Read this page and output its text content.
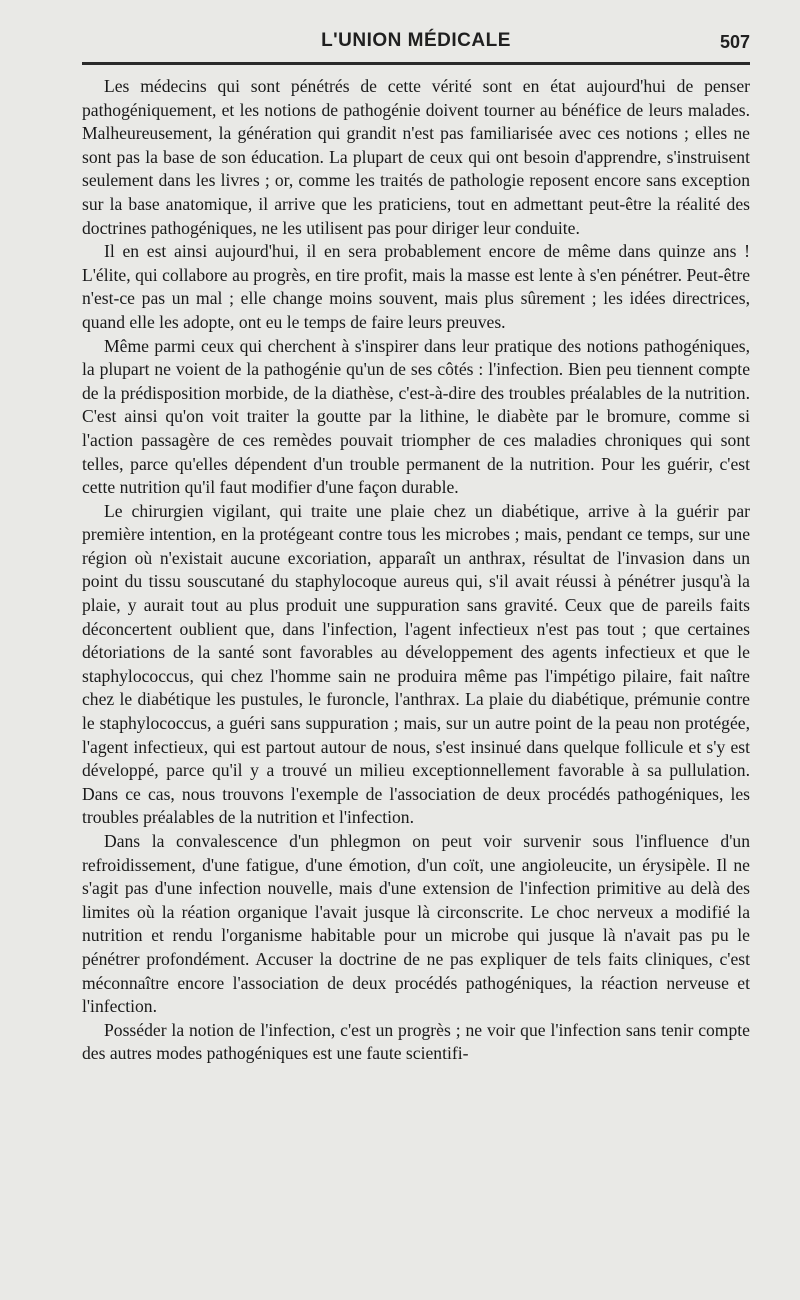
L'UNION MÉDICALE	507

Les médecins qui sont pénétrés de cette vérité sont en état aujourd'hui de penser pathogéniquement, et les notions de pathogénie doivent tourner au bénéfice de leurs malades. Malheureusement, la génération qui grandit n'est pas familiarisée avec ces notions ; elles ne sont pas la base de son éducation. La plupart de ceux qui ont besoin d'apprendre, s'instruisent seulement dans les livres ; or, comme les traités de pathologie reposent encore sans exception sur la base anatomique, il arrive que les praticiens, tout en admettant peut-être la réalité des doctrines pathogéniques, ne les utilisent pas pour diriger leur conduite.

Il en est ainsi aujourd'hui, il en sera probablement encore de même dans quinze ans ! L'élite, qui collabore au progrès, en tire profit, mais la masse est lente à s'en pénétrer. Peut-être n'est-ce pas un mal ; elle change moins souvent, mais plus sûrement ; les idées directrices, quand elle les adopte, ont eu le temps de faire leurs preuves.

Même parmi ceux qui cherchent à s'inspirer dans leur pratique des notions pathogéniques, la plupart ne voient de la pathogénie qu'un de ses côtés : l'infection. Bien peu tiennent compte de la prédisposition morbide, de la diathèse, c'est-à-dire des troubles préalables de la nutrition. C'est ainsi qu'on voit traiter la goutte par la lithine, le diabète par le bromure, comme si l'action passagère de ces remèdes pouvait triompher de ces maladies chroniques qui sont telles, parce qu'elles dépendent d'un trouble permanent de la nutrition. Pour les guérir, c'est cette nutrition qu'il faut modifier d'une façon durable.

Le chirurgien vigilant, qui traite une plaie chez un diabétique, arrive à la guérir par première intention, en la protégeant contre tous les microbes ; mais, pendant ce temps, sur une région où n'existait aucune excoriation, apparaît un anthrax, résultat de l'invasion dans un point du tissu souscutané du staphylocoque aureus qui, s'il avait réussi à pénétrer jusqu'à la plaie, y aurait tout au plus produit une suppuration sans gravité. Ceux que de pareils faits déconcertent oublient que, dans l'infection, l'agent infectieux n'est pas tout ; que certaines détoriations de la santé sont favorables au développement des agents infectieux et que le staphylococcus, qui chez l'homme sain ne produira même pas l'impétigo pilaire, fait naître chez le diabétique les pustules, le furoncle, l'anthrax. La plaie du diabétique, prémunie contre le staphylococcus, a guéri sans suppuration ; mais, sur un autre point de la peau non protégée, l'agent infectieux, qui est partout autour de nous, s'est insinué dans quelque follicule et s'y est développé, parce qu'il y a trouvé un milieu exceptionnellement favorable à sa pullulation. Dans ce cas, nous trouvons l'exemple de l'association de deux procédés pathogéniques, les troubles préalables de la nutrition et l'infection.

Dans la convalescence d'un phlegmon on peut voir survenir sous l'influence d'un refroidissement, d'une fatigue, d'une émotion, d'un coït, une angioleucite, un érysipèle. Il ne s'agit pas d'une infection nouvelle, mais d'une extension de l'infection primitive au delà des limites où la réation organique l'avait jusque là circonscrite. Le choc nerveux a modifié la nutrition et rendu l'organisme habitable pour un microbe qui jusque là n'avait pas pu le pénétrer profondément. Accuser la doctrine de ne pas expliquer de tels faits cliniques, c'est méconnaître encore l'association de deux procédés pathogéniques, la réaction nerveuse et l'infection.

Posséder la notion de l'infection, c'est un progrès ; ne voir que l'infection sans tenir compte des autres modes pathogéniques est une faute scientifi-
